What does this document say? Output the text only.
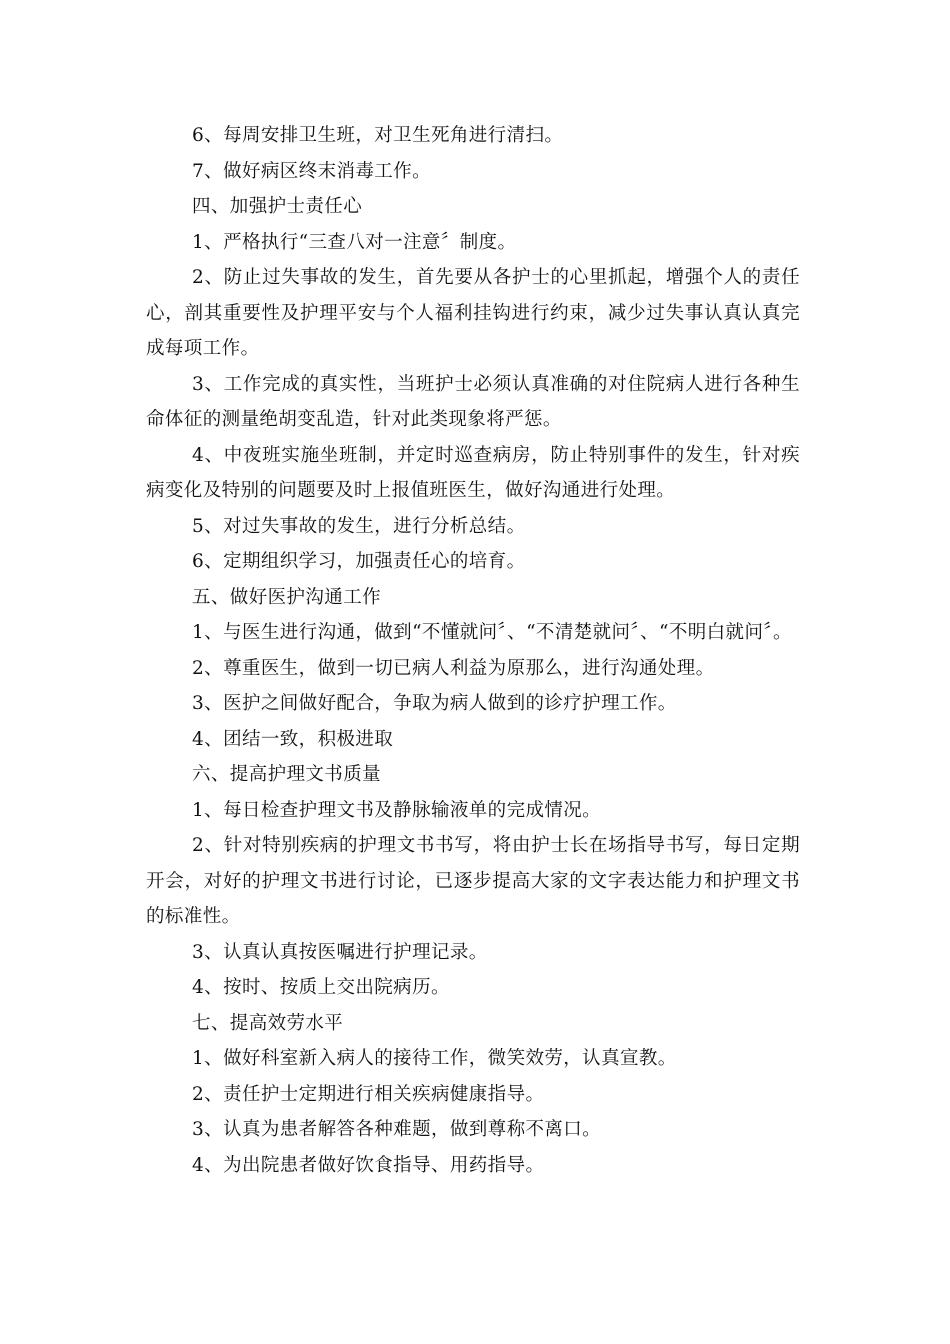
6、每周安排卫生班，对卫生死角进行清扫。

7、做好病区终末消毒工作。

四、加强护士责任心

1、严格执行“三查八对一注意〞制度。

2、防止过失事故的发生，首先要从各护士的心里抓起，增强个人的责任心，剖其重要性及护理平安与个人福利挂钩进行约束，减少过失事认真认真完成每项工作。

3、工作完成的真实性，当班护士必须认真准确的对住院病人进行各种生命体征的测量绝胡变乱造，针对此类现象将严惩。

4、中夜班实施坐班制，并定时巡查病房，防止特别事件的发生，针对疾病变化及特别的问题要及时上报值班医生，做好沟通进行处理。

5、对过失事故的发生，进行分析总结。

6、定期组织学习，加强责任心的培育。

五、做好医护沟通工作

1、与医生进行沟通，做到“不懂就问〞、“不清楚就问〞、“不明白就问〞。

2、尊重医生，做到一切已病人利益为原那么，进行沟通处理。

3、医护之间做好配合，争取为病人做到的诊疗护理工作。

4、团结一致，积极进取

六、提高护理文书质量

1、每日检查护理文书及静脉输液单的完成情况。

2、针对特别疾病的护理文书书写，将由护士长在场指导书写，每日定期开会，对好的护理文书进行讨论，已逐步提高大家的文字表达能力和护理文书的标准性。

3、认真认真按医嘱进行护理记录。

4、按时、按质上交出院病历。

七、提高效劳水平

1、做好科室新入病人的接待工作，微笑效劳，认真宣教。

2、责任护士定期进行相关疾病健康指导。

3、认真为患者解答各种难题，做到尊称不离口。

4、为出院患者做好饮食指导、用药指导。
